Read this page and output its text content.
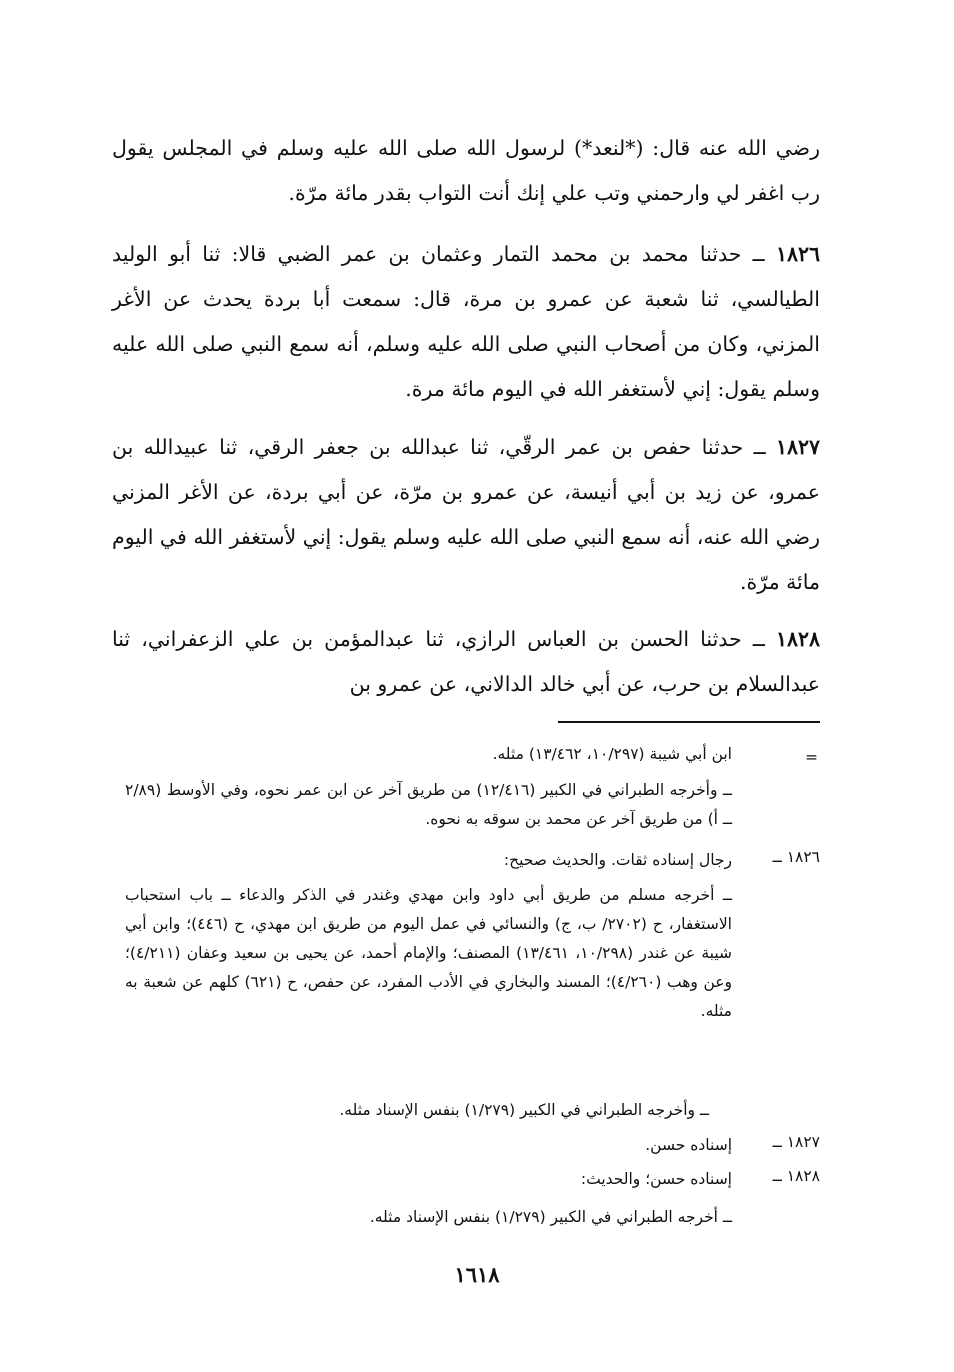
رضي الله عنه قال: (*لنعد*) لرسول الله صلى الله عليه وسلم في المجلس يقول رب اغفر لي وارحمني وتب علي إنك أنت التواب بقدر مائة مرّة.
١٨٢٦ ــ حدثنا محمد بن محمد التمار وعثمان بن عمر الضبي قالا: ثنا أبو الوليد الطيالسي، ثنا شعبة عن عمرو بن مرة، قال: سمعت أبا بردة يحدث عن الأغر المزني، وكان من أصحاب النبي صلى الله عليه وسلم، أنه سمع النبي صلى الله عليه وسلم يقول: إني لأستغفر الله في اليوم مائة مرة.
١٨٢٧ ــ حدثنا حفص بن عمر الرقّي، ثنا عبدالله بن جعفر الرقي، ثنا عبيدالله بن عمرو، عن زيد بن أبي أنيسة، عن عمرو بن مرّة، عن أبي بردة، عن الأغر المزني رضي الله عنه، أنه سمع النبي صلى الله عليه وسلم يقول: إني لأستغفر الله في اليوم مائة مرّة.
١٨٢٨ ــ حدثنا الحسن بن العباس الرازي، ثنا عبدالمؤمن بن علي الزعفراني، ثنا عبدالسلام بن حرب، عن أبي خالد الدالاني، عن عمرو بن
=
ابن أبي شيبة (١٠/٢٩٧، ١٣/٤٦٢) مثله.
ــ وأخرجه الطبراني في الكبير (١٢/٤١٦) من طريق آخر عن ابن عمر نحوه، وفي الأوسط (٢/٨٩ ــ أ) من طريق آخر عن محمد بن سوقه به نحوه.
١٨٢٦ ــ
رجال إسناده ثقات. والحديث صحيح:
ــ أخرجه مسلم من طريق أبي داود وابن مهدي وغندر في الذكر والدعاء ــ باب استحباب الاستغفار، ح (٢٧٠٢/ ب، ج) والنسائي في عمل اليوم من طريق ابن مهدي، ح (٤٤٦)؛ وابن أبي شيبة عن غندر (١٠/٢٩٨، ١٣/٤٦١) المصنف؛ والإمام أحمد، عن يحيى بن سعيد وعفان (٤/٢١١)؛ وعن وهب (٤/٢٦٠)؛ المسند والبخاري في الأدب المفرد، عن حفص، ح (٦٢١) كلهم عن شعبة به مثله.
ــ وأخرجه الطبراني في الكبير (١/٢٧٩) بنفس الإسناد مثله.
١٨٢٧ ــ
إسناده حسن.
١٨٢٨ ــ
إسناده حسن؛ والحديث:
ــ أخرجه الطبراني في الكبير (١/٢٧٩) بنفس الإسناد مثله.
١٦١٨
